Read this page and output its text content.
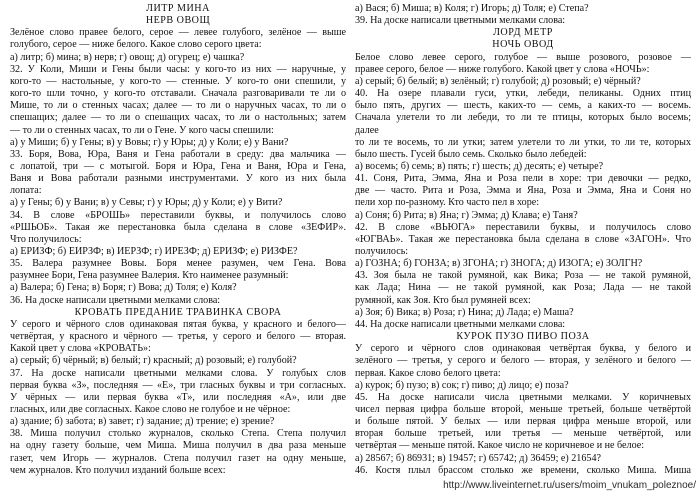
ЛИТР МИНА
НЕРВ ОВОЩ
Зелёное слово правее белого, серое — левее голубого, зелёное — выше
голубого, серое — ниже белого. Какое слово серого цвета:
а) литр; б) мина; в) нерв; г) овощ; д) огурец; е) чашка?
32. У Коли, Миши и Гены были часы: у кого-то из них — наручные, у
кого-то — настольные, у кого-то — стенные. У кого-то они спешили, у
кого-то шли точно, у кого-то отставали. Сначала разговаривали те ли о
Мише, то ли о стенных часах; далее — то ли о наручных часах, то ли о
спешащих; далее — то ли о спешащих часах, то ли о настольных; затем
— то ли о стенных часах, то ли о Гене. У кого часы спешили:
а) у Миши; б) у Гены; в) у Вовы; г) у Юры; д) у Коли; е) у Вани?
33. Боря, Вова, Юра, Ваня и Гена работали в среду: два мальчика —
с лопатой, три — с мотыгой. Боря и Юра, Гена и Ваня, Юра и Гена,
Ваня и Вова работали разными инструментами. У кого из них была
лопата:
а) у Гены; б) у Вани; в) у Севы; г) у Юры; д) у Коли; е) у Вити?
34. В слове «БРОШЬ» переставили буквы, и получилось слово
«РШЬОБ». Такая же перестановка была сделана в слове «ЗЕФИР».
Что получилось:
а) ЕРИЗФ; б) ЕИРЗФ; в) ИЕРЗФ; г) ИРЕЗФ; д) ЕРИЗФ; е) РИЗФЕ?
35. Валера разумнее Вовы. Боря менее разумен, чем Гена. Вова
разумнее Бори, Гена разумнее Валерия. Кто наименее разумный:
а) Валера; б) Гена; в) Боря; г) Вова; д) Толя; е) Коля?
36. На доске написали цветными мелками слова:
КРОВАТЬ ПРЕДАНИЕ ТРАВИНКА СВОРА
У серого и чёрного слов одинаковая пятая буква, у красного и белого—
четвёртая, у красного и чёрного — третья, у серого и белого — вторая.
Какой цвет у слова «КРОВАТЬ»:
а) серый; б) чёрный; в) белый; г) красный; д) розовый; е) голубой?
37. На доске написали цветными мелками слова. У голубых слов
первая буква «З», последняя — «Е», три гласных буквы и три согласных.
У чёрных — или первая буква «Т», или последняя «А», или две
гласных, или две согласных. Какое слово не голубое и не чёрное:
а) здание; б) забота; в) завет; г) задание; д) трение; е) зрение?
38. Миша получил столько журналов, сколько Степа. Степа получил
на одну газету больше, чем Миша. Миша получил в два раза меньше
газет, чем Игорь — журналов. Степа получил газет на одну меньше,
чем журналов. Кто получил изданий больше всех:
а) Вася; б) Миша; в) Коля; г) Игорь; д) Толя; е) Степа?
39. На доске написали цветными мелками слова:
ЛОРД МЕТР
НОЧЬ ОВОД
Белое слово левее серого, голубое — выше розового, розовое —
правее серого, белое — ниже голубого. Какой цвет у слова «НОЧЬ»:
а) серый; б) белый; в) зелёный; г) голубой; д) розовый; е) чёрный?
40. На озере плавали гуси, утки, лебеди, пеликаны. Одних птиц
было пять, других — шесть, каких-то — семь, а каких-то — восемь.
Сначала улетели то ли лебеди, то ли те птицы, которых было восемь;
далее
то ли те восемь, то ли утки; затем улетели то ли утки, то ли те, которых
было шесть. Гусей было семь. Сколько было лебедей:
а) восемь; б) семь; в) пять; г) шесть; д) десять; е) четыре?
41. Соня, Рита, Эмма, Яна и Роза пели в хоре: три девочки — редко,
две — часто. Рита и Роза, Эмма и Яна, Роза и Эмма, Яна и Соня но
пели хор по-разному. Кто часто пел в хоре:
а) Соня; б) Рита; в) Яна; г) Эмма; д) Клава; е) Таня?
42. В слове «ВЬЮГА» переставили буквы, и получилось слово
«ЮГВАЬ». Такая же перестановка была сделана в слове «ЗАГОН». Что
получилось:
а) ГОЗНА; б) ГОНЗА; в) ЗГОНА; г) ЗНОГА; д) ИЗОГА; е) ЗОЛГН?
43. Зоя была не такой румяной, как Вика; Роза — не такой румяной,
как Лада; Нина — не такой румяной, как Роза; Лада — не такой
румяной, как Зоя. Кто был румяней всех:
а) Зоя; б) Вика; в) Роза; г) Нина; д) Лада; е) Маша?
44. На доске написали цветными мелками слова:
КУРОК ПУЗО ПИВО ПОЗА
У серого и чёрного слов одинаковая четвёртая буква, у белого и
зелёного — третья, у серого и белого — вторая, у зелёного и белого —
первая. Какое слово белого цвета:
а) курок; б) пузо; в) сок; г) пиво; д) лицо; е) поза?
45. На доске написали числа цветными мелками. У коричневых
чисел первая цифра больше второй, меньше третьей, больше четвёртой
и больше пятой. У белых — или первая цифра меньше второй, или
вторая больше третьей, или третья — меньше четвёртой, или
четвёртая — меньше пятой. Какое число не коричневое и не белое:
а) 28567; б) 86931; в) 19457; г) 65742; д) 36459; е) 21654?
46. Костя плыл брассом столько же времени, сколько Миша. Миша
http://www.liveinternet.ru/users/moim_vnukam_poleznoe/
